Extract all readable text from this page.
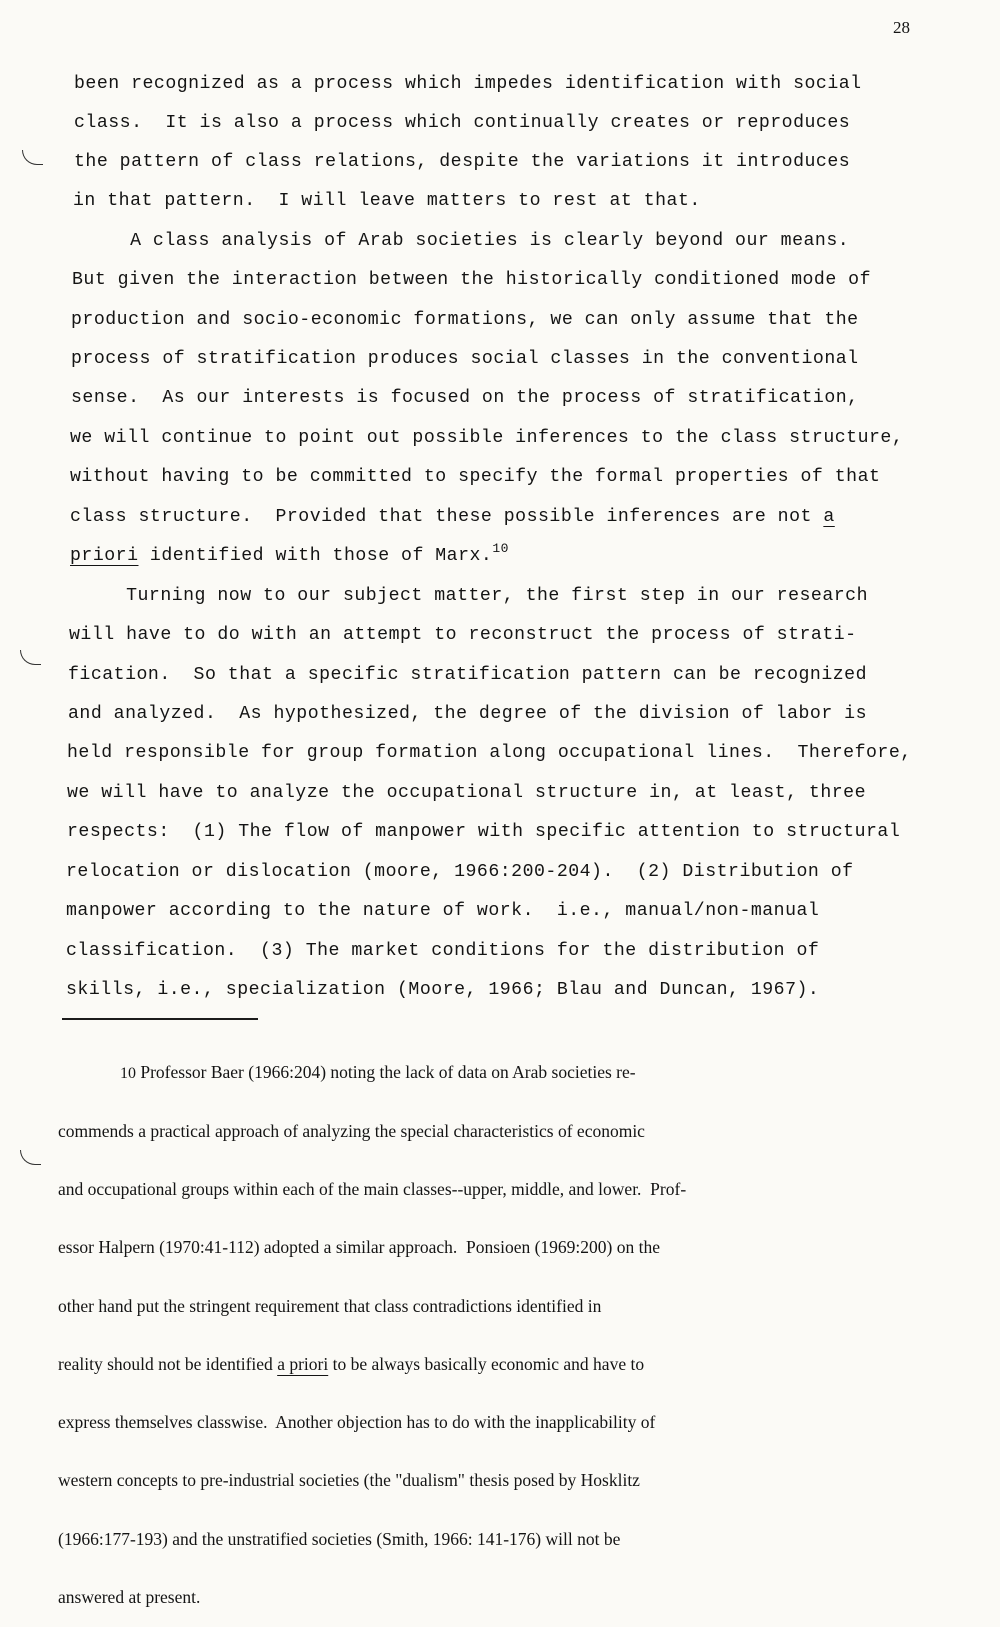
28
been recognized as a process which impedes identification with social
class.  It is also a process which continually creates or reproduces
the pattern of class relations, despite the variations it introduces
in that pattern.  I will leave matters to rest at that.
A class analysis of Arab societies is clearly beyond our means.
But given the interaction between the historically conditioned mode of
production and socio-economic formations, we can only assume that the
process of stratification produces social classes in the conventional
sense.  As our interests is focused on the process of stratification,
we will continue to point out possible inferences to the class structure,
without having to be committed to specify the formal properties of that
class structure.  Provided that these possible inferences are not a
priori identified with those of Marx.$^{10}$
Turning now to our subject matter, the first step in our research
will have to do with an attempt to reconstruct the process of strati-
fication.  So that a specific stratification pattern can be recognized
and analyzed.  As hypothesized, the degree of the division of labor is
held responsible for group formation along occupational lines.  Therefore,
we will have to analyze the occupational structure in, at least, three
respects:  (1) The flow of manpower with specific attention to structural
relocation or dislocation (moore, 1966:200-204).  (2) Distribution of
manpower according to the nature of work.  i.e., manual/non-manual
classification.  (3) The market conditions for the distribution of
skills, i.e., specialization (Moore, 1966; Blau and Duncan, 1967).

10 Professor Baer (1966:204) noting the lack of data on Arab societies re-

commends a practical approach of analyzing the special characteristics of economic

and occupational groups within each of the main classes--upper, middle, and lower.  Prof-

essor Halpern (1970:41-112) adopted a similar approach.  Ponsioen (1969:200) on the

other hand put the stringent requirement that class contradictions identified in

reality should not be identified a priori to be always basically economic and have to

express themselves classwise.  Another objection has to do with the inapplicability of

western concepts to pre-industrial societies (the "dualism" thesis posed by Hosklitz

(1966:177-193) and the unstratified societies (Smith, 1966: 141-176) will not be

answered at present.
